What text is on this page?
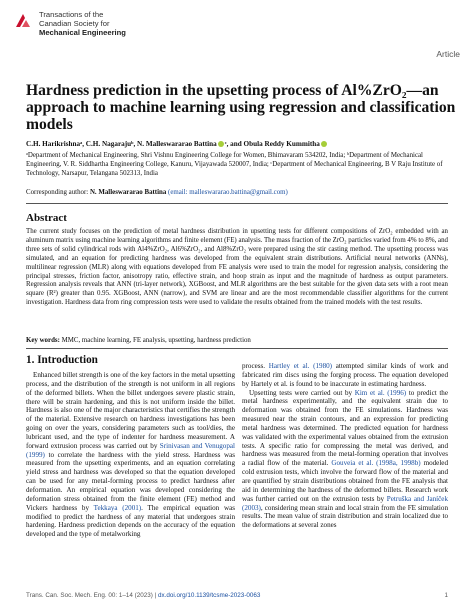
Transactions of the
Canadian Society for
Mechanical Engineering
Article
Hardness prediction in the upsetting process of Al%ZrO₂—an approach to machine learning using regression and classification models
C.H. Harikrishnaᵃ, C.H. Nagarajuᵇ, N. Malleswararao Battina ᶜ, and Obula Reddy Kummitha
ᵃDepartment of Mechanical Engineering, Shri Vishnu Engineering College for Women, Bhimavaram 534202, India; ᵇDepartment of Mechanical Engineering, V. R. Siddhartha Engineering College, Kanuru, Vijayawada 520007, India; ᶜDepartment of Mechanical Engineering, B V Raju Institute of Technology, Narsapur, Telangana 502313, India
Corresponding author: N. Malleswararao Battina (email: malleswararao.battina@gmail.com)
Abstract
The current study focuses on the prediction of metal hardness distribution in upsetting tests for different compositions of ZrO₂ embedded with an aluminum matrix using machine learning algorithms and finite element (FE) analysis. The mass fraction of the ZrO₂ particles varied from 4% to 8%, and three sets of solid cylindrical rods with Al4%ZrO₂, Al6%ZrO₂, and Al8%ZrO₂ were prepared using the stir casting method. The upsetting process was simulated, and an equation for predicting hardness was developed from the equivalent strain distributions. Artificial neural networks (ANNs), multilinear regression (MLR) along with equations developed from FE analysis were used to train the model for regression analysis, considering the principal stresses, friction factor, anisotropy ratio, effective strain, and hoop strain as input and the magnitude of hardness as output parameters. Regression analysis reveals that ANN (tri-layer network), XGBoost, and MLR algorithms are the best suitable for the given data sets with a root mean square (R²) greater than 0.95. XGBoost, ANN (narrow), and SVM are linear and are the most recommendable classifier algorithms for the current investigation. Hardness data from ring compression tests were used to validate the results obtained from the trained models with the test results.
Key words: MMC, machine learning, FE analysis, upsetting, hardness prediction
1. Introduction
Enhanced billet strength is one of the key factors in the metal upsetting process, and the distribution of the strength is not uniform in all regions of the deformed billets. When the billet undergoes severe plastic strain, there will be strain hardening, and this is not uniform inside the billet. Hardness is also one of the major characteristics that certifies the strength of the material. Extensive research on hardness investigations has been going on over the years, considering parameters such as tool/dies, the lubricant used, and the type of indenter for hardness measurement. A forward extrusion process was carried out by Srinivasan and Venugopal (1999) to correlate the hardness with the yield stress. Hardness was measured from the upsetting experiments, and an equation correlating yield stress and hardness was developed so that the equation developed can be used for any metal-forming process to predict hardness after deformation. An empirical equation was developed considering the deformation stress obtained from the finite element (FE) method and Vickers hardness by Tekkaya (2001). The empirical equation was modified to predict the hardness of any material that undergoes strain hardening. Hardness prediction depends on the accuracy of the equation developed and the type of metalworking

process. Hartley et al. (1980) attempted similar kinds of work and fabricated rim discs using the forging process. The equation developed by Hartely et al. is found to be inaccurate in estimating hardness.

Upsetting tests were carried out by Kim et al. (1996) to predict the metal hardness experimentally, and the equivalent strain due to deformation was obtained from the FE simulations. Hardness was measured near the strain contours, and an expression for predicting metal hardness was determined. The predicted equation for hardness was validated with the experimental values obtained from the extrusion tests. A specific ratio for compressing the metal was derived, and hardness was measured from the metal-forming operation that involves a radial flow of the material. Gouveia et al. (1998a, 1998b) modeled cold extrusion tests, which involve the forward flow of the material and are quantified by strain distributions obtained from the FE analysis that aid in determining the hardness of the deformed billets. Research work was further carried out on the extrusion tests by Petruška and Janíček (2003), considering mean strain and local strain from the FE simulation results. The mean value of strain distribution and strain localized due to the deformations at several zones

Trans. Can. Soc. Mech. Eng. 00: 1–14 (2023) | dx.doi.org/10.1139/tcsme-2023-0063	1
